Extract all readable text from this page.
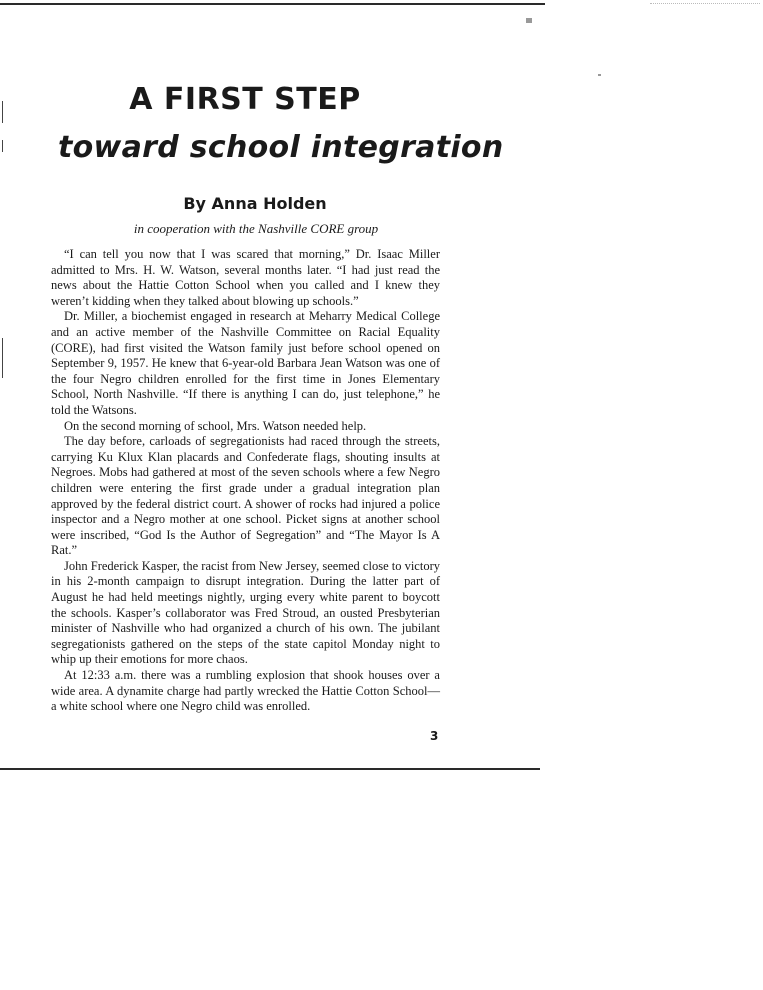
A FIRST STEP
toward school integration
By Anna Holden
in cooperation with the Nashville CORE group

“I can tell you now that I was scared that morning,” Dr. Isaac Miller admitted to Mrs. H. W. Watson, several months later. “I had just read the news about the Hattie Cotton School when you called and I knew they weren’t kidding when they talked about blowing up schools.”

Dr. Miller, a biochemist engaged in research at Meharry Medical College and an active member of the Nashville Committee on Racial Equality (CORE), had first visited the Watson family just before school opened on September 9, 1957. He knew that 6-year-old Barbara Jean Watson was one of the four Negro children enrolled for the first time in Jones Elementary School, North Nashville. “If there is anything I can do, just telephone,” he told the Watsons.

On the second morning of school, Mrs. Watson needed help.

The day before, carloads of segregationists had raced through the streets, carrying Ku Klux Klan placards and Confederate flags, shouting insults at Negroes. Mobs had gathered at most of the seven schools where a few Negro children were entering the first grade under a gradual integration plan approved by the federal district court. A shower of rocks had injured a police inspector and a Negro mother at one school. Picket signs at another school were inscribed, “God Is the Author of Segregation” and “The Mayor Is A Rat.”

John Frederick Kasper, the racist from New Jersey, seemed close to victory in his 2-month campaign to disrupt integration. During the latter part of August he had held meetings nightly, urging every white parent to boycott the schools. Kasper’s collaborator was Fred Stroud, an ousted Presbyterian minister of Nashville who had organized a church of his own. The jubilant segregationists gathered on the steps of the state capitol Monday night to whip up their emotions for more chaos.

At 12:33 a.m. there was a rumbling explosion that shook houses over a wide area. A dynamite charge had partly wrecked the Hattie Cotton School—a white school where one Negro child was enrolled.

3
